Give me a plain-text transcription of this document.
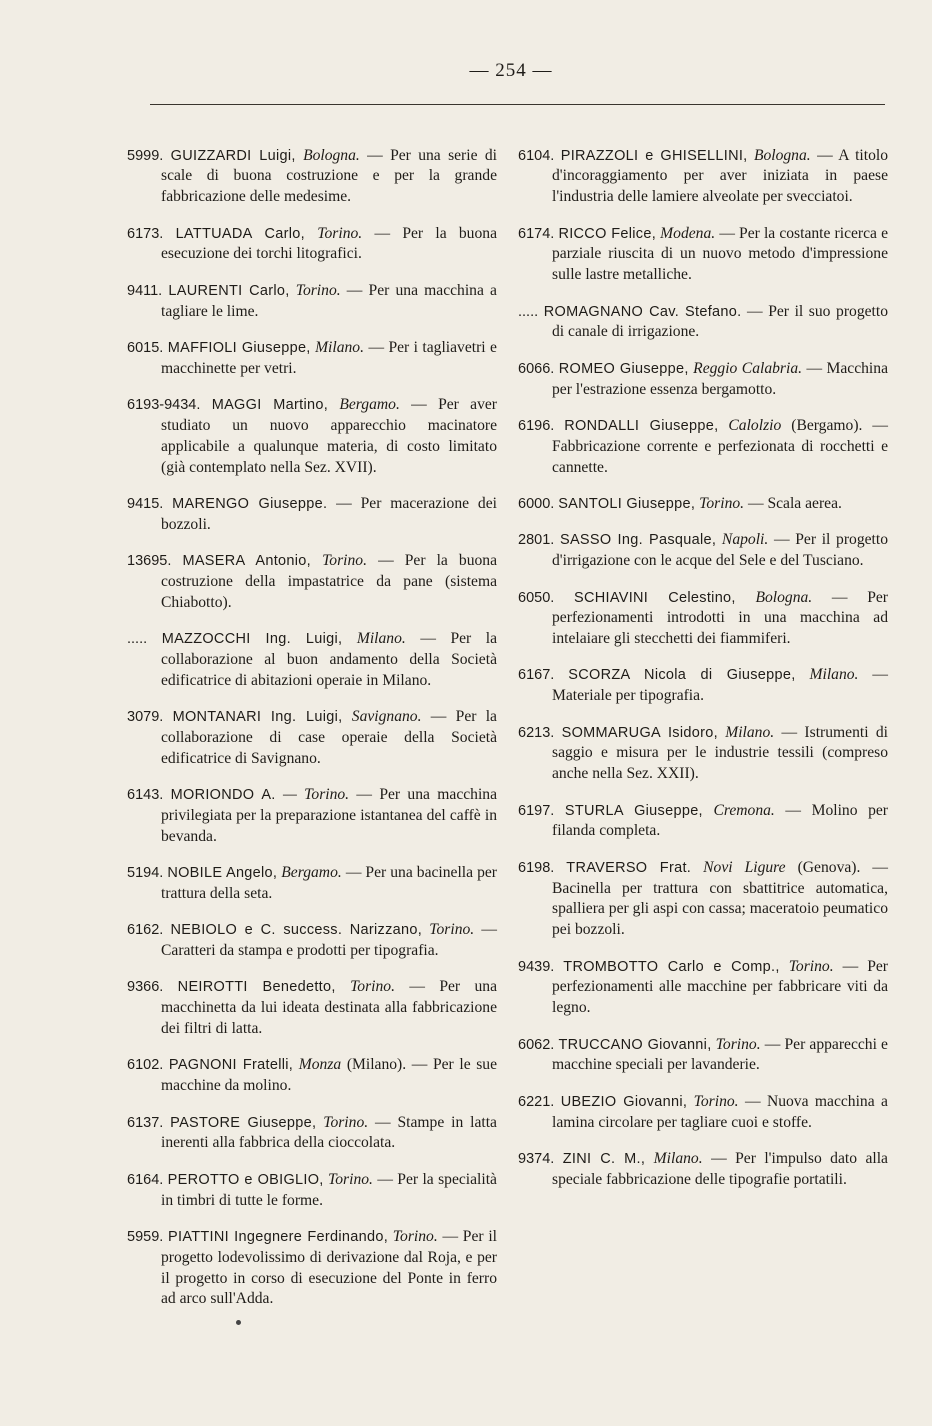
— 254 —

5999. GUIZZARDI Luigi, Bologna. — Per una serie di scale di buona costruzione e per la grande fabbricazione delle medesime.

6173. LATTUADA Carlo, Torino. — Per la buona esecuzione dei torchi litografici.

9411. LAURENTI Carlo, Torino. — Per una macchina a tagliare le lime.

6015. MAFFIOLI Giuseppe, Milano. — Per i tagliavetri e macchinette per vetri.

6193-9434. MAGGI Martino, Bergamo. — Per aver studiato un nuovo apparecchio macinatore applicabile a qualunque materia, di costo limitato (già contemplato nella Sez. XVII).

9415. MARENGO Giuseppe. — Per macerazione dei bozzoli.

13695. MASERA Antonio, Torino. — Per la buona costruzione della impastatrice da pane (sistema Chiabotto).

..... MAZZOCCHI Ing. Luigi, Milano. — Per la collaborazione al buon andamento della Società edificatrice di abitazioni operaie in Milano.

3079. MONTANARI Ing. Luigi, Savignano. — Per la collaborazione di case operaie della Società edificatrice di Savignano.

6143. MORIONDO A. — Torino. — Per una macchina privilegiata per la preparazione istantanea del caffè in bevanda.

5194. NOBILE Angelo, Bergamo. — Per una bacinella per trattura della seta.

6162. NEBIOLO e C. success. Narizzano, Torino. — Caratteri da stampa e prodotti per tipografia.

9366. NEIROTTI Benedetto, Torino. — Per una macchinetta da lui ideata destinata alla fabbricazione dei filtri di latta.

6102. PAGNONI Fratelli, Monza (Milano). — Per le sue macchine da molino.

6137. PASTORE Giuseppe, Torino. — Stampe in latta inerenti alla fabbrica della cioccolata.

6164. PEROTTO e OBIGLIO, Torino. — Per la specialità in timbri di tutte le forme.

5959. PIATTINI Ingegnere Ferdinando, Torino. — Per il progetto lodevolissimo di derivazione dal Roja, e per il progetto in corso di esecuzione del Ponte in ferro ad arco sull'Adda.

6104. PIRAZZOLI e GHISELLINI, Bologna. — A titolo d'incoraggiamento per aver iniziata in paese l'industria delle lamiere alveolate per svecciatoi.

6174. RICCO Felice, Modena. — Per la costante ricerca e parziale riuscita di un nuovo metodo d'impressione sulle lastre metalliche.

..... ROMAGNANO Cav. Stefano. — Per il suo progetto di canale di irrigazione.

6066. ROMEO Giuseppe, Reggio Calabria. — Macchina per l'estrazione essenza bergamotto.

6196. RONDALLI Giuseppe, Calolzio (Bergamo). — Fabbricazione corrente e perfezionata di rocchetti e cannette.

6000. SANTOLI Giuseppe, Torino. — Scala aerea.

2801. SASSO Ing. Pasquale, Napoli. — Per il progetto d'irrigazione con le acque del Sele e del Tusciano.

6050. SCHIAVINI Celestino, Bologna. — Per perfezionamenti introdotti in una macchina ad intelaiare gli stecchetti dei fiammiferi.

6167. SCORZA Nicola di Giuseppe, Milano. — Materiale per tipografia.

6213. SOMMARUGA Isidoro, Milano. — Istrumenti di saggio e misura per le industrie tessili (compreso anche nella Sez. XXII).

6197. STURLA Giuseppe, Cremona. — Molino per filanda completa.

6198. TRAVERSO Frat. Novi Ligure (Genova). — Bacinella per trattura con sbattitrice automatica, spalliera per gli aspi con cassa; maceratoio peumatico pei bozzoli.

9439. TROMBOTTO Carlo e Comp., Torino. — Per perfezionamenti alle macchine per fabbricare viti da legno.

6062. TRUCCANO Giovanni, Torino. — Per apparecchi e macchine speciali per lavanderie.

6221. UBEZIO Giovanni, Torino. — Nuova macchina a lamina circolare per tagliare cuoi e stoffe.

9374. ZINI C. M., Milano. — Per l'impulso dato alla speciale fabbricazione delle tipografie portatili.
